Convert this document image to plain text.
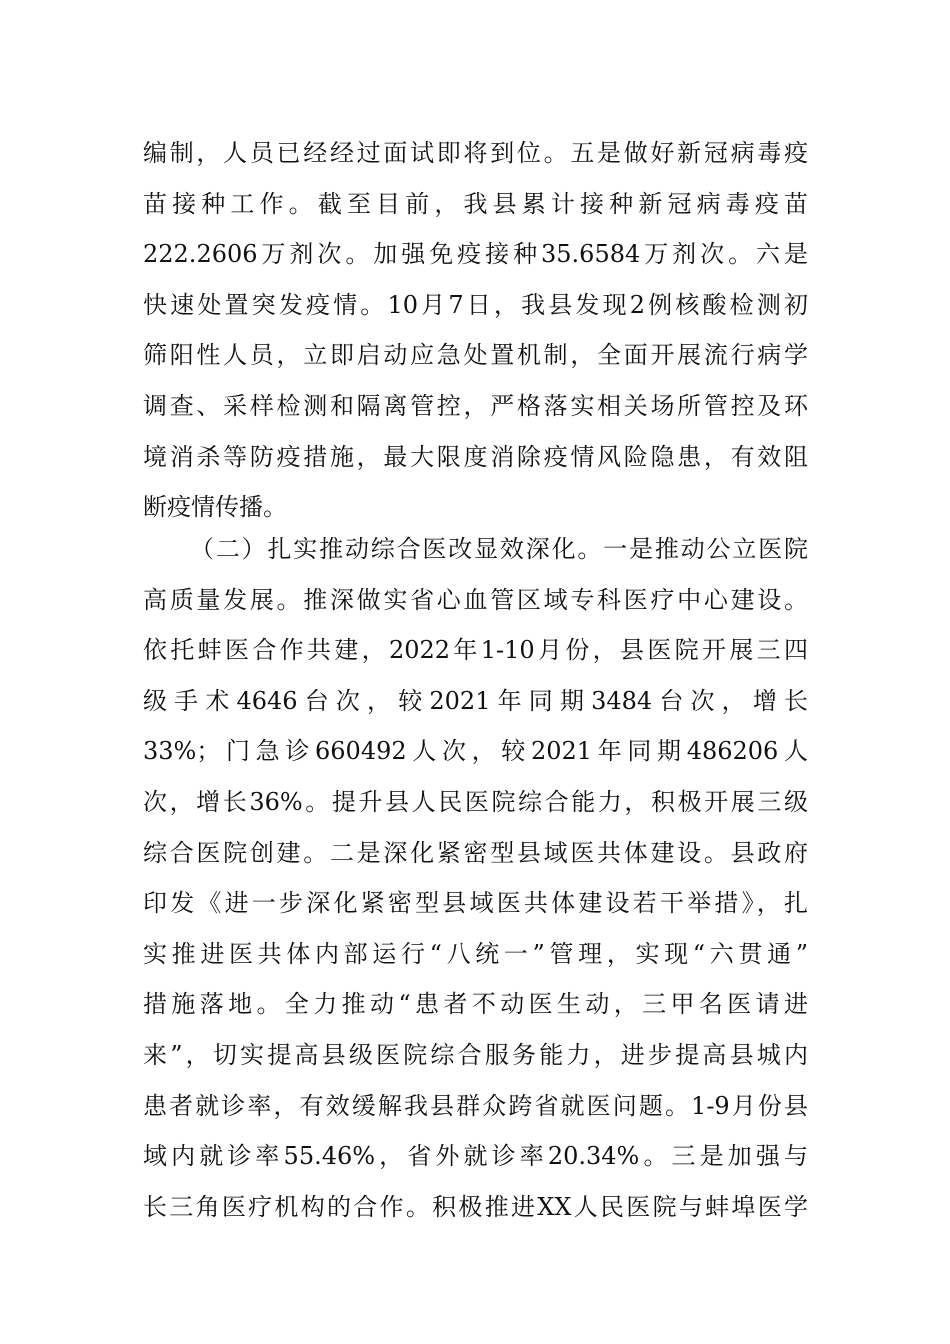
编制，人员已经经过面试即将到位。五是做好新冠病毒疫
苗接种工作。截至目前，我县累计接种新冠病毒疫苗
222.2606万剂次。加强免疫接种35.6584万剂次。六是
快速处置突发疫情。10月7日，我县发现2例核酸检测初
筛阳性人员，立即启动应急处置机制，全面开展流行病学
调查、采样检测和隔离管控，严格落实相关场所管控及环
境消杀等防疫措施，最大限度消除疫情风险隐患，有效阻
断疫情传播。
（二）扎实推动综合医改显效深化。一是推动公立医院
高质量发展。推深做实省心血管区域专科医疗中心建设。
依托蚌医合作共建，2022年1-10月份，县医院开展三四
级手术4646台次，较2021年同期3484台次，增长
33%；门急诊660492人次，较2021年同期486206人
次，增长36%。提升县人民医院综合能力，积极开展三级
综合医院创建。二是深化紧密型县域医共体建设。县政府
印发《进一步深化紧密型县域医共体建设若干举措》，扎
实推进医共体内部运行“八统一”管理，实现“六贯通”
措施落地。全力推动“患者不动医生动，三甲名医请进
来”，切实提高县级医院综合服务能力，进步提高县城内
患者就诊率，有效缓解我县群众跨省就医问题。1-9月份县
域内就诊率55.46%，省外就诊率20.34%。三是加强与
长三角医疗机构的合作。积极推进XX人民医院与蚌埠医学
